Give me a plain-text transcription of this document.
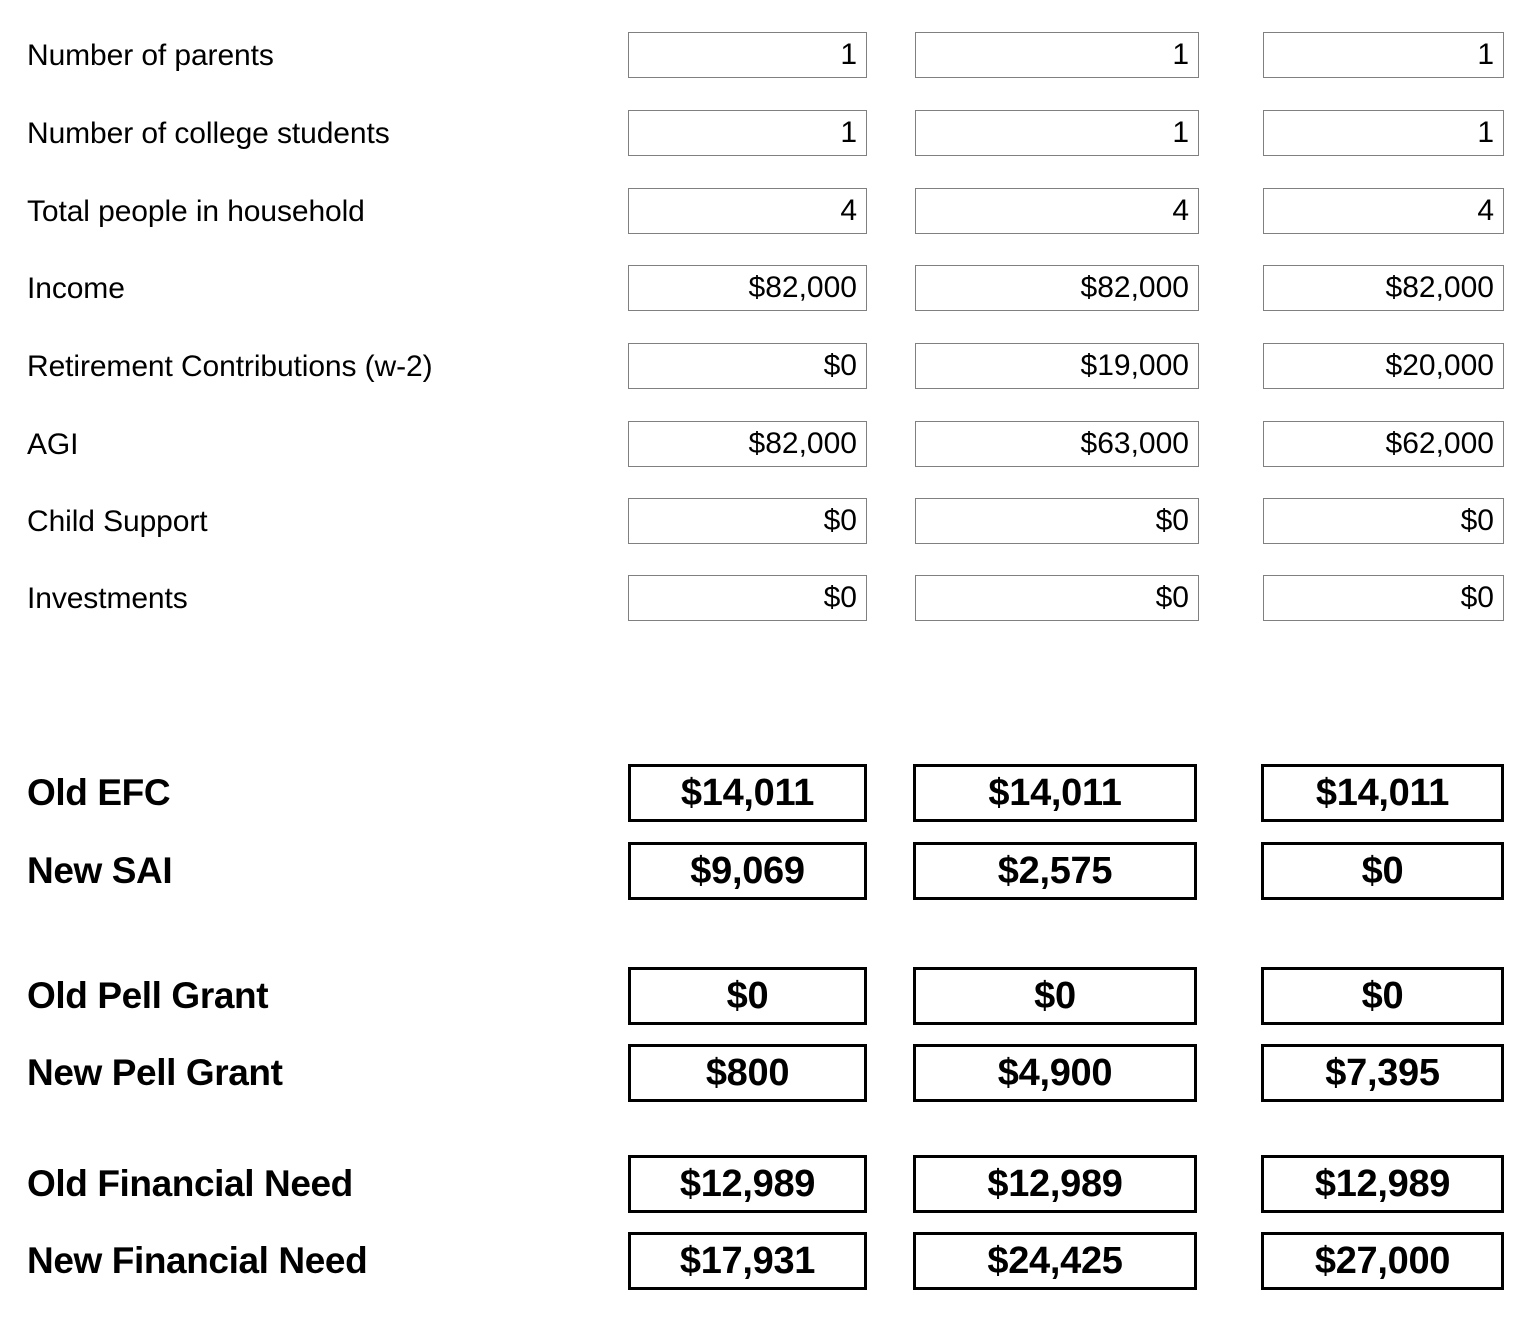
Number of parents	1	1	1
Number of college students	1	1	1
Total people in household	4	4	4
Income	$82,000	$82,000	$82,000
Retirement Contributions (w-2)	$0	$19,000	$20,000
AGI	$82,000	$63,000	$62,000
Child Support	$0	$0	$0
Investments	$0	$0	$0
Old EFC	$14,011	$14,011	$14,011
New SAI	$9,069	$2,575	$0
Old Pell Grant	$0	$0	$0
New Pell Grant	$800	$4,900	$7,395
Old Financial Need	$12,989	$12,989	$12,989
New Financial Need	$17,931	$24,425	$27,000
